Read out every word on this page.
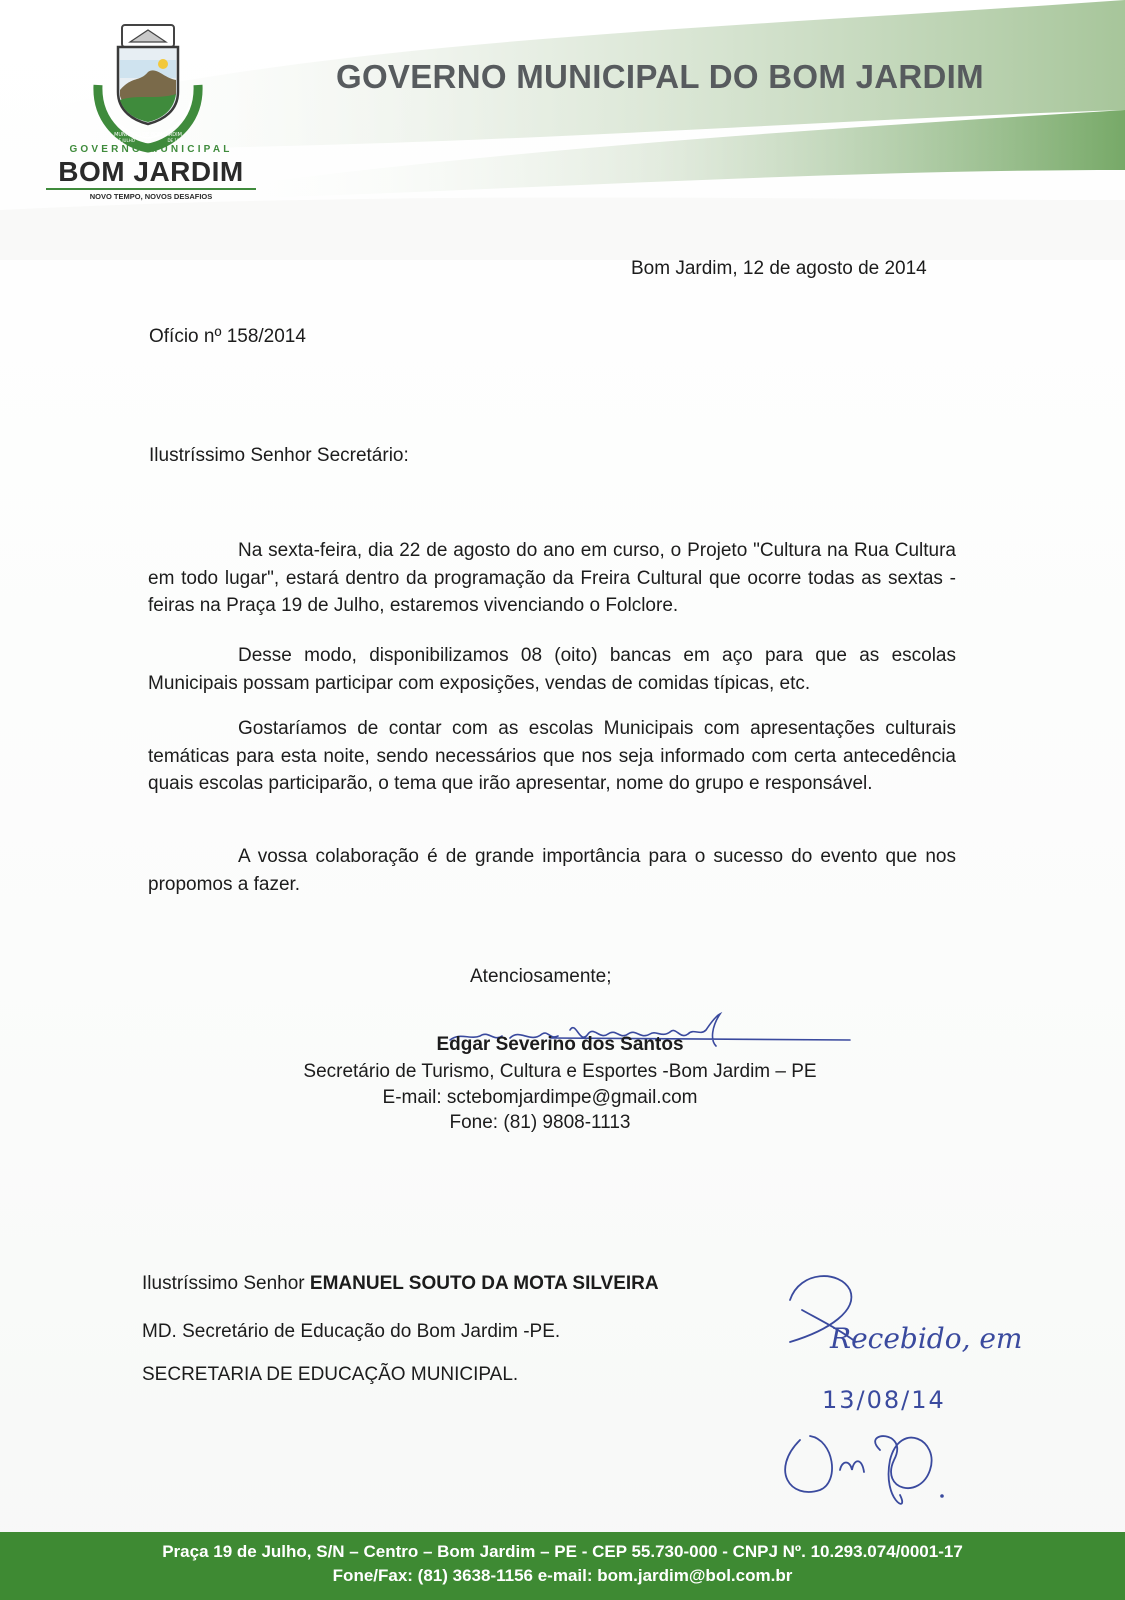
GOVERNO MUNICIPAL DO BOM JARDIM
MUNICÍPIO DE BOM JARDIM
19 DE JULHO	DE 1871
GOVERNO MUNICIPAL
BOM JARDIM
NOVO TEMPO, NOVOS DESAFIOS
Bom Jardim, 12 de agosto de 2014
Ofício nº 158/2014
Ilustríssimo Senhor Secretário:
Na sexta-feira, dia 22 de agosto do ano em curso, o Projeto "Cultura na Rua Cultura em todo lugar", estará dentro da programação da Freira Cultural que ocorre todas as sextas - feiras na Praça 19 de Julho, estaremos vivenciando o Folclore.
Desse modo, disponibilizamos 08 (oito) bancas em aço para que as escolas Municipais possam participar com exposições, vendas de comidas típicas, etc.
Gostaríamos de contar com as escolas Municipais com apresentações culturais temáticas para esta noite, sendo necessários que nos seja informado com certa antecedência quais escolas participarão, o tema que irão apresentar, nome do grupo e responsável.
A vossa colaboração é de grande importância para o sucesso do evento que nos propomos a fazer.
Atenciosamente;
Edgar Severino dos Santos
Secretário de Turismo, Cultura e Esportes -Bom Jardim – PE
E-mail: sctebomjardimpe@gmail.com
Fone: (81) 9808-1113
Ilustríssimo Senhor EMANUEL SOUTO DA MOTA SILVEIRA
MD. Secretário de Educação do Bom Jardim -PE.
SECRETARIA DE EDUCAÇÃO MUNICIPAL.
Recebido, em
13/08/14
Praça 19 de Julho, S/N – Centro – Bom Jardim – PE - CEP 55.730-000 - CNPJ Nº. 10.293.074/0001-17
Fone/Fax: (81) 3638-1156 e-mail: bom.jardim@bol.com.br
